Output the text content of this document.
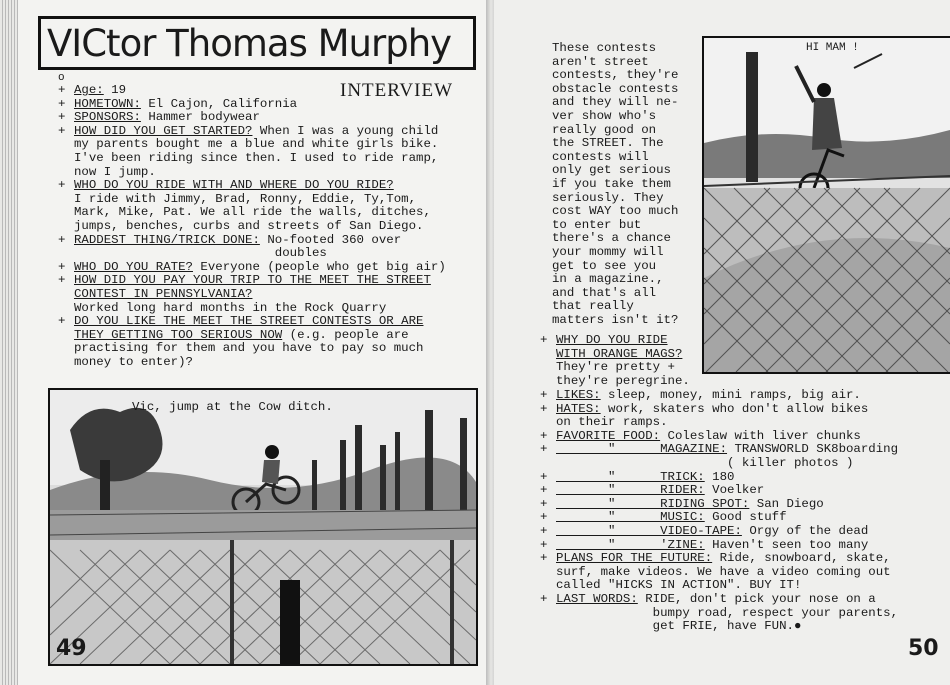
VICtor Thomas Murphy
o
INTERVIEW
+ Age: 19
+ HOMETOWN: El Cajon, California
+ SPONSORS: Hammer bodywear
+ HOW DID YOU GET STARTED? When I was a young child
my parents bought me a blue and white girls bike.
I've been riding since then. I used to ride ramp,
now I jump.
+ WHO DO YOU RIDE WITH AND WHERE DO YOU RIDE?
I ride with Jimmy, Brad, Ronny, Eddie, Ty,Tom,
Mark, Mike, Pat. We all ride the walls, ditches,
jumps, benches, curbs and streets of San Diego.
+ RADDEST THING/TRICK DONE: No-footed 360 over
doubles
+ WHO DO YOU RATE? Everyone (people who get big air)
+ HOW DID YOU PAY YOUR TRIP TO THE MEET THE STREET
CONTEST IN PENNSYLVANIA?
Worked long hard months in the Rock Quarry
+ DO YOU LIKE THE MEET THE STREET CONTESTS OR ARE
THEY GETTING TOO SERIOUS NOW (e.g. people are
practising for them and you have to pay so much
money to enter)?
Vic, jump at the Cow ditch.
49
These contests
aren't street
contests, they're
obstacle contests
and they will ne-
ver show who's
really good on
the STREET. The
contests will
only get serious
if you take them
seriously. They
cost WAY too much
to enter but
there's a chance
your mommy will
get to see you
in a magazine.,
and that's all
that really
matters isn't it?
HI MAM !
+ WHY DO YOU RIDE
WITH ORANGE MAGS?
They're pretty +
they're peregrine.
+ LIKES: sleep, money, mini ramps, big air.
+ HATES: work, skaters who don't allow bikes
on their ramps.
+ FAVORITE FOOD: Coleslaw with liver chunks
+       "      MAGAZINE: TRANSWORLD SK8boarding
( killer photos )
+       "      TRICK: 180
+       "      RIDER: Voelker
+       "      RIDING SPOT: San Diego
+       "      MUSIC: Good stuff
+       "      VIDEO-TAPE: Orgy of the dead
+       "      'ZINE: Haven't seen too many
+ PLANS FOR THE FUTURE: Ride, snowboard, skate,
surf, make videos. We have a video coming out
called "HICKS IN ACTION". BUY IT!
+ LAST WORDS: RIDE, don't pick your nose on a
bumpy road, respect your parents,
get FRIE, have FUN.●
50
